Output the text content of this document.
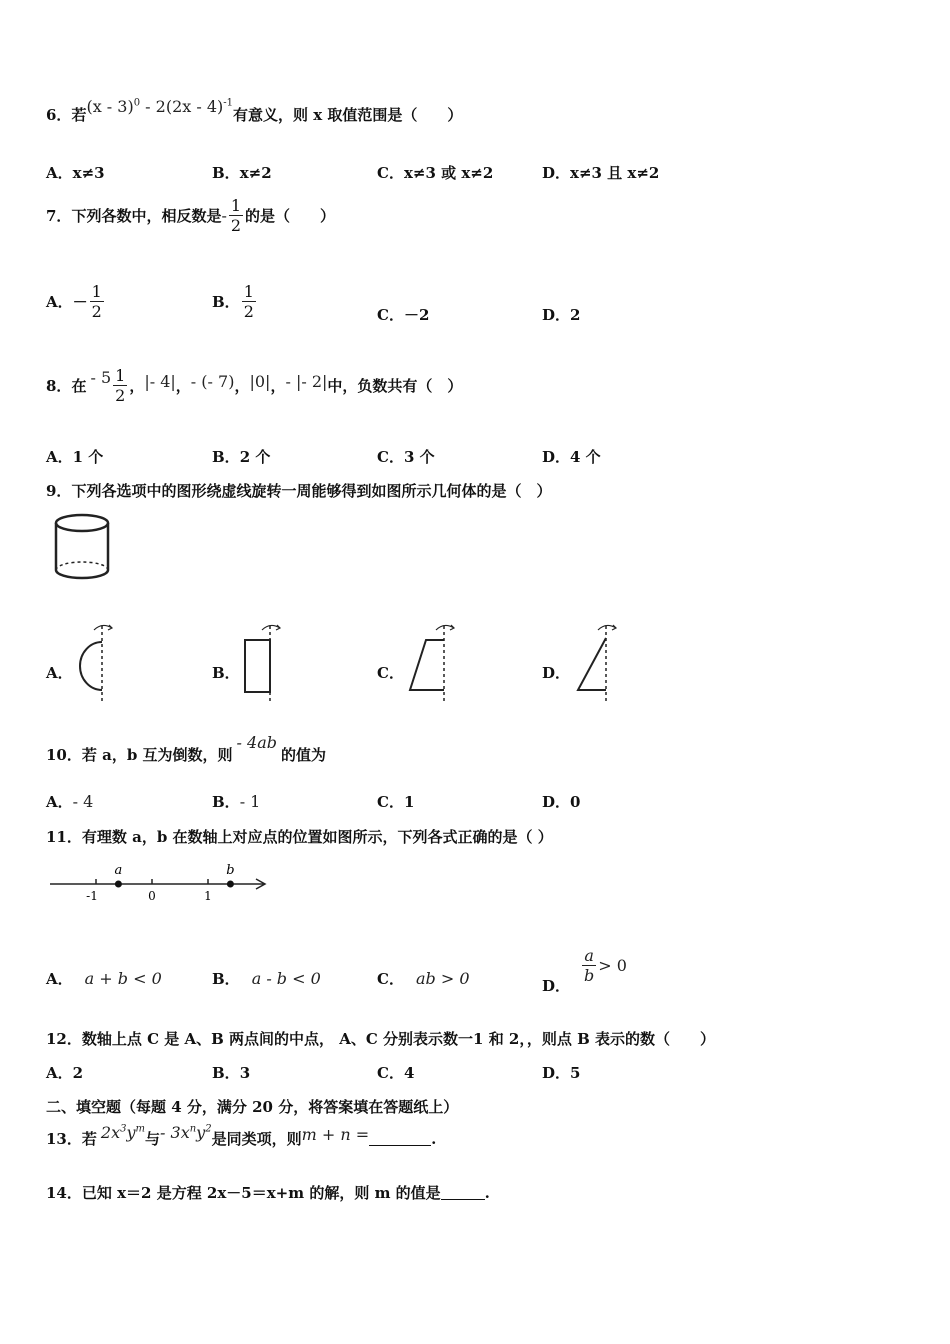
6． 若 (x - 3)$^0$ - 2(2x - 4)$^{-1}$
有意义，则 x 取值范围是（　　）
A． x≠3	B． x≠2	C． x≠3 或 x≠2	D． x≠3 且 x≠2
7． 下列各数中，相反数是 - $\frac{1}{2}$ 的是（　　）
A． － $\frac{1}{2}$	B． $\frac{1}{2}$	C． －2	D． 2
8． 在 - $5 \frac{1}{2}$ ， |- 4| ， - (- 7) ， |0| ， - |- 2| 中，负数共有（　）
A． 1 个	B． 2 个	C． 3 个	D． 4 个
9．下列各选项中的图形绕虚线旋转一周能够得到如图所示几何体的是（　）
A．	B．	C．	D．
10． 若 a，b 互为倒数，则
- 4ab
的值为
A． - 4	B． - 1	C． 1	D． 0
11．有理数 a，b 在数轴上对应点的位置如图所示，下列各式正确的是（ ）
a	b
-1	0	1
A． a + b < 0	B． a - b < 0	C． ab > 0	D．
$\frac{a}{b} > 0$
12．数轴上点 C 是 A、B 两点间的中点， A、C 分别表示数一1 和 2，，则点 B 表示的数（　　）
A． 2	B． 3	C． 4	D． 5
二、填空题（每题 4 分，满分 20 分，将答案填在答题纸上）
13． 若 $2x^3y^m$
与 - $3x^ny^2$
是同类项，则 m + n =	.
14． 已知 x＝2 是方程 2x－5＝x+m 的解，则 m 的值是	.
